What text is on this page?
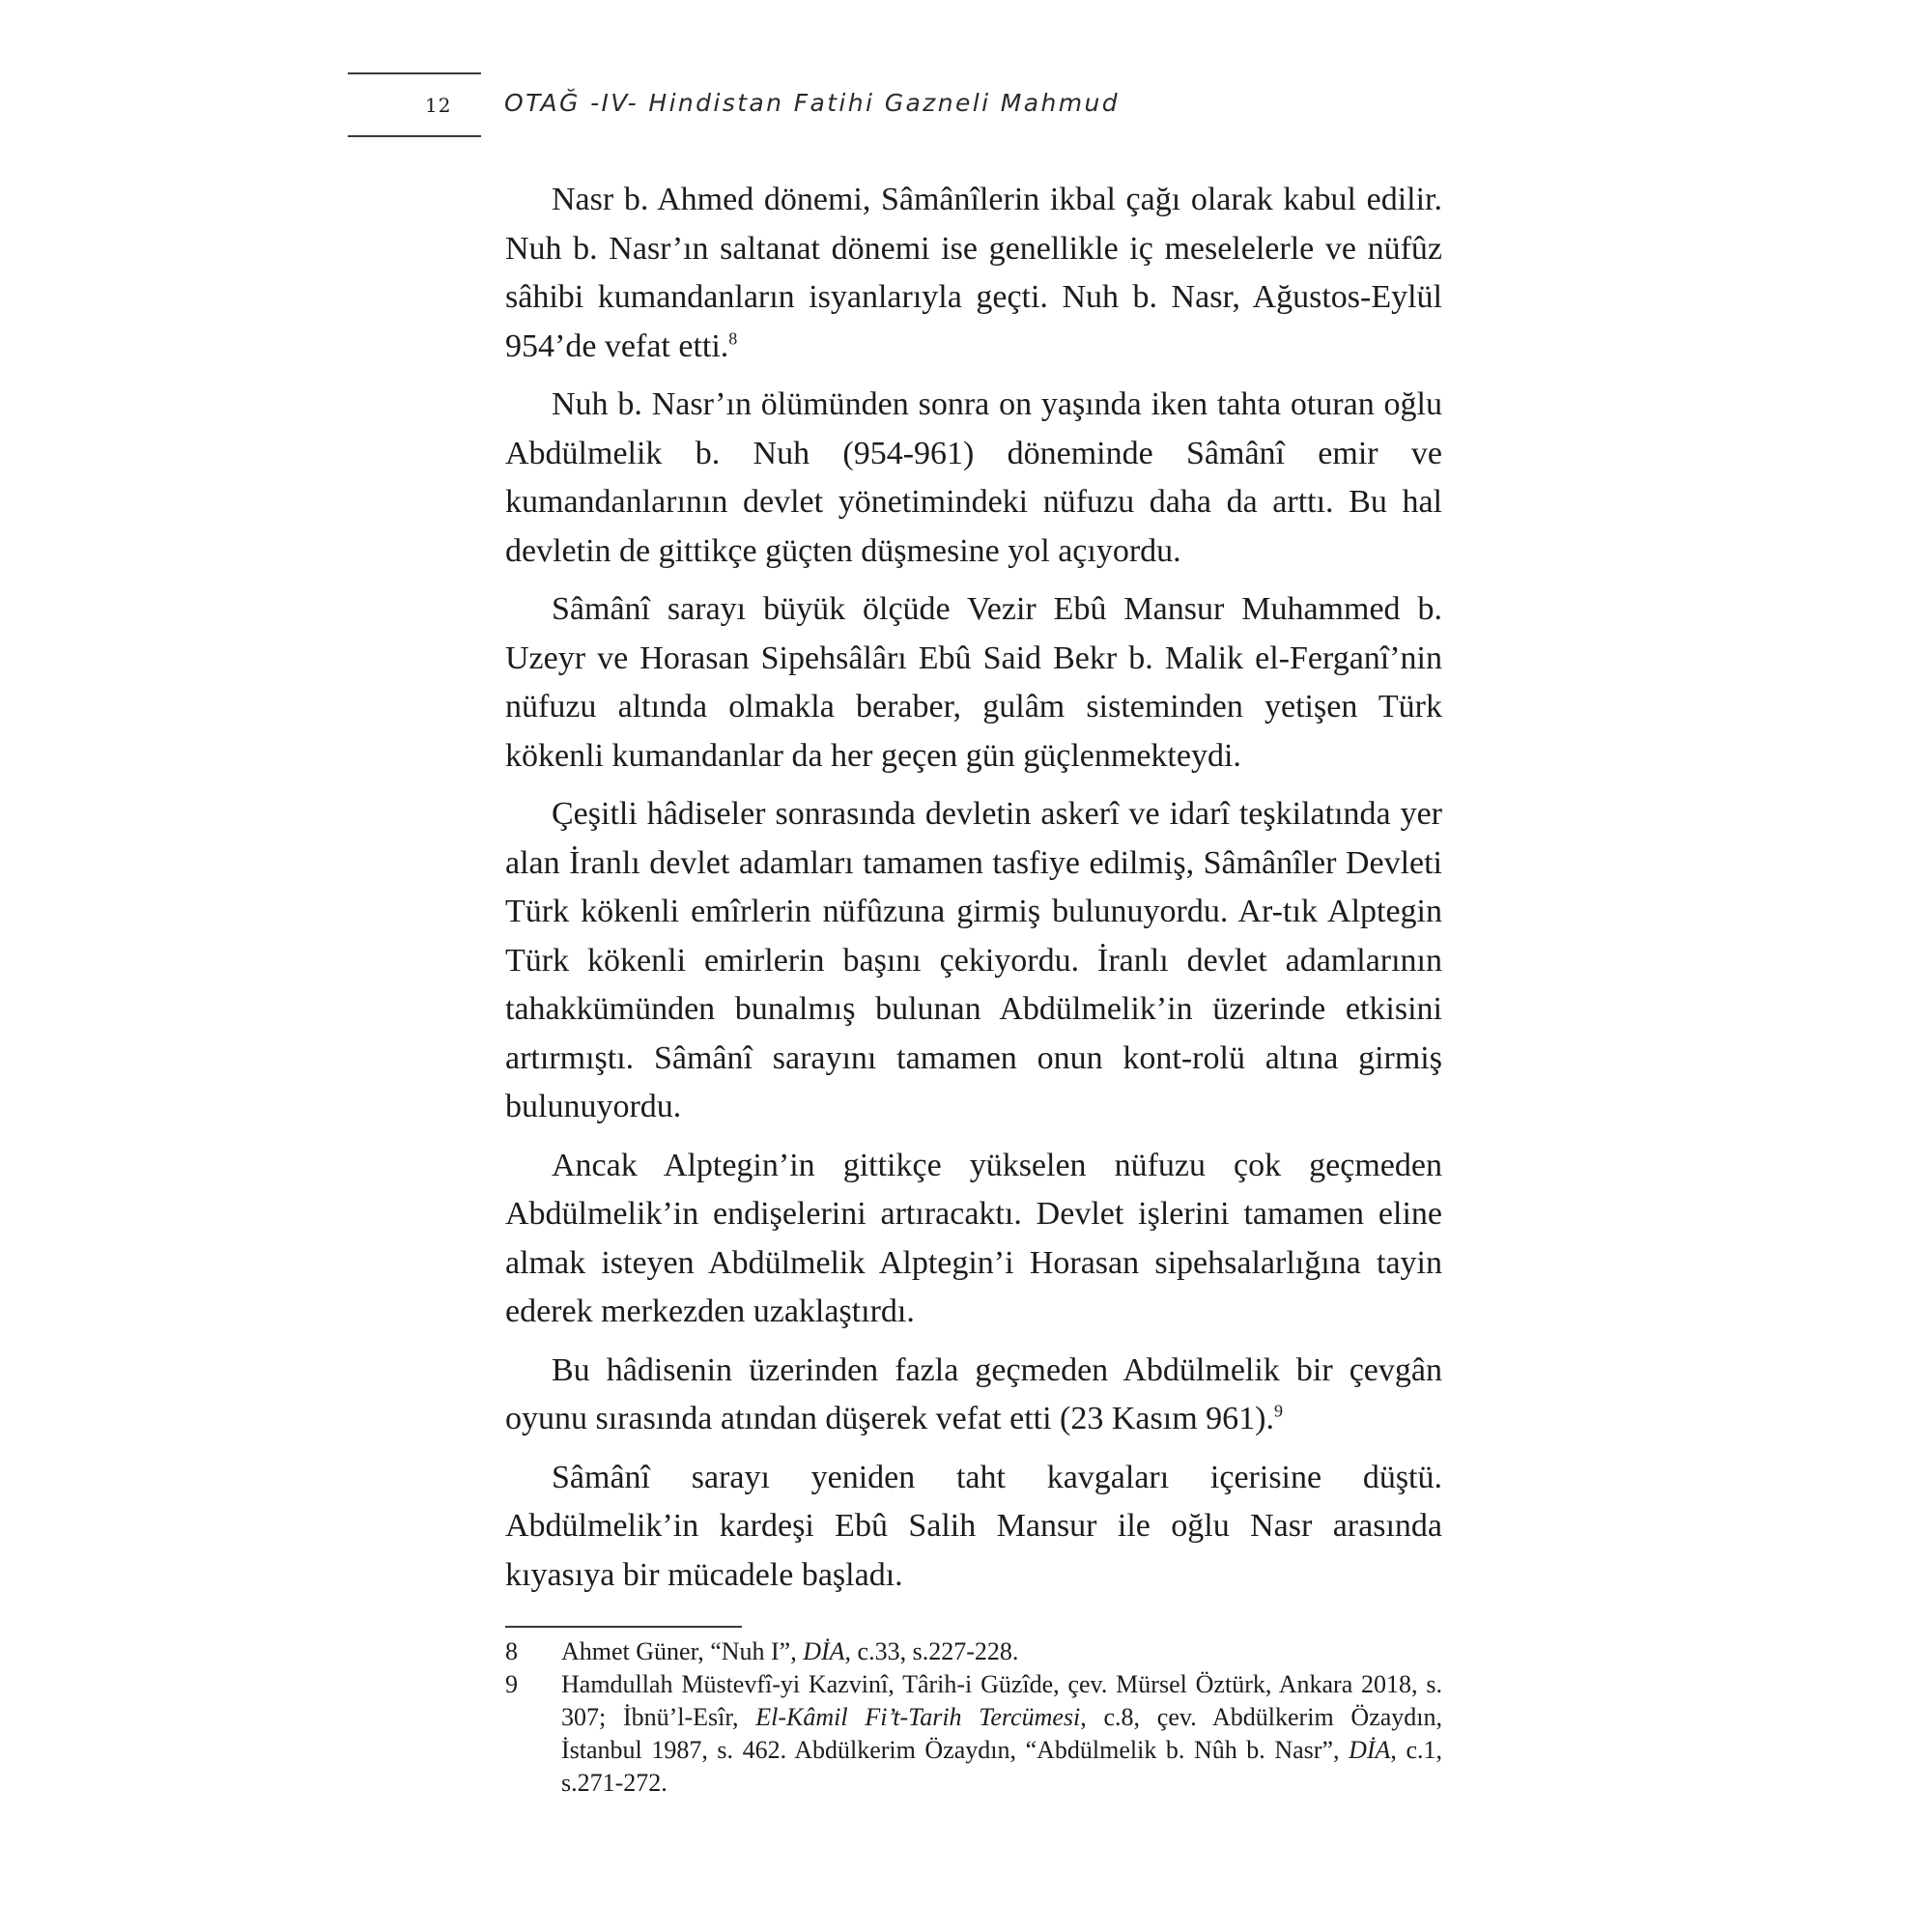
12 OTAĞ -IV- Hindistan Fatihi Gazneli Mahmud

Nasr b. Ahmed dönemi, Sâmânîlerin ikbal çağı olarak kabul edilir. Nuh b. Nasr’ın saltanat dönemi ise genellikle iç meselelerle ve nüfûz sâhibi kumandanların isyanlarıyla geçti. Nuh b. Nasr, Ağustos-Eylül 954’de vefat etti.$^8$

Nuh b. Nasr’ın ölümünden sonra on yaşında iken tahta oturan oğlu Abdülmelik b. Nuh (954-961) döneminde Sâmânî emir ve kumandanlarının devlet yönetimindeki nüfuzu daha da arttı. Bu hal devletin de gittikçe güçten düşmesine yol açıyordu.

Sâmânî sarayı büyük ölçüde Vezir Ebû Mansur Muhammed b. Uzeyr ve Horasan Sipehsâlârı Ebû Said Bekr b. Malik el-Ferganî’nin nüfuzu altında olmakla beraber, gulâm sisteminden yetişen Türk kökenli kumandanlar da her geçen gün güçlenmekteydi.

Çeşitli hâdiseler sonrasında devletin askerî ve idarî teşkilatında yer alan İranlı devlet adamları tamamen tasfiye edilmiş, Sâmânîler Devleti Türk kökenli emîrlerin nüfûzuna girmiş bulunuyordu. Ar-tık Alptegin Türk kökenli emirlerin başını çekiyordu. İranlı devlet adamlarının tahakkümünden bunalmış bulunan Abdülmelik’in üzerinde etkisini artırmıştı. Sâmânî sarayını tamamen onun kont-rolü altına girmiş bulunuyordu.

Ancak Alptegin’in gittikçe yükselen nüfuzu çok geçmeden Abdülmelik’in endişelerini artıracaktı. Devlet işlerini tamamen eline almak isteyen Abdülmelik Alptegin’i Horasan sipehsalarlığına tayin ederek merkezden uzaklaştırdı.

Bu hâdisenin üzerinden fazla geçmeden Abdülmelik bir çevgân oyunu sırasında atından düşerek vefat etti (23 Kasım 961).$^9$

Sâmânî sarayı yeniden taht kavgaları içerisine düştü. Abdülmelik’in kardeşi Ebû Salih Mansur ile oğlu Nasr arasında kıyasıya bir mücadele başladı.

8	Ahmet Güner, “Nuh I”, DİA, c.33, s.227-228.
9	Hamdullah Müstevfî-yi Kazvinî, Târih-i Güzîde, çev. Mürsel Öztürk, Ankara 2018, s. 307; İbnü’l-Esîr, El-Kâmil Fi’t-Tarih Tercümesi, c.8, çev. Abdülkerim Özaydın, İstanbul 1987, s. 462. Abdülkerim Özaydın, “Abdülmelik b. Nûh b. Nasr”, DİA, c.1, s.271-272.
